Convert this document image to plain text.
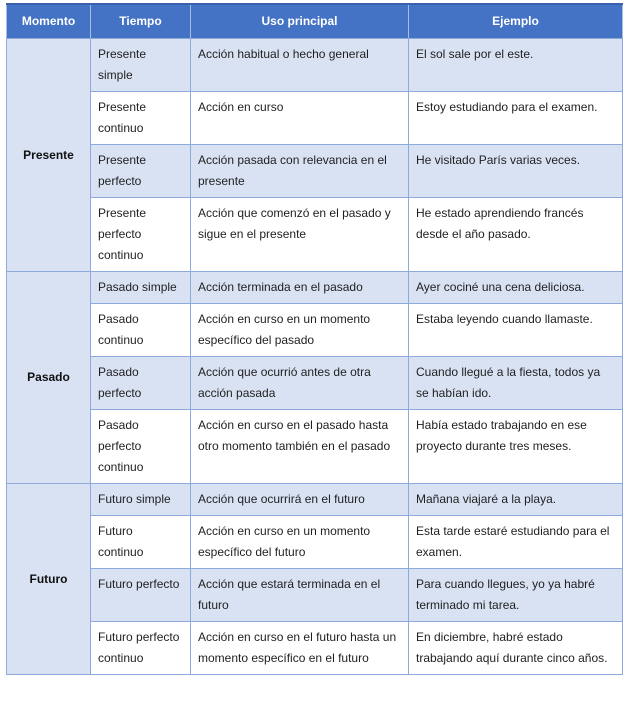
Momento	Tiempo	Uso principal	Ejemplo
Presente	Presente simple	Acción habitual o hecho general	El sol sale por el este.
	Presente continuo	Acción en curso	Estoy estudiando para el examen.
	Presente perfecto	Acción pasada con relevancia en el presente	He visitado París varias veces.
	Presente perfecto continuo	Acción que comenzó en el pasado y sigue en el presente	He estado aprendiendo francés desde el año pasado.
Pasado	Pasado simple	Acción terminada en el pasado	Ayer cociné una cena deliciosa.
	Pasado continuo	Acción en curso en un momento específico del pasado	Estaba leyendo cuando llamaste.
	Pasado perfecto	Acción que ocurrió antes de otra acción pasada	Cuando llegué a la fiesta, todos ya se habían ido.
	Pasado perfecto continuo	Acción en curso en el pasado hasta otro momento también en el pasado	Había estado trabajando en ese proyecto durante tres meses.
Futuro	Futuro simple	Acción que ocurrirá en el futuro	Mañana viajaré a la playa.
	Futuro continuo	Acción en curso en un momento específico del futuro	Esta tarde estaré estudiando para el examen.
	Futuro perfecto	Acción que estará terminada en el futuro	Para cuando llegues, yo ya habré terminado mi tarea.
	Futuro perfecto continuo	Acción en curso en el futuro hasta un momento específico en el futuro	En diciembre, habré estado trabajando aquí durante cinco años.
